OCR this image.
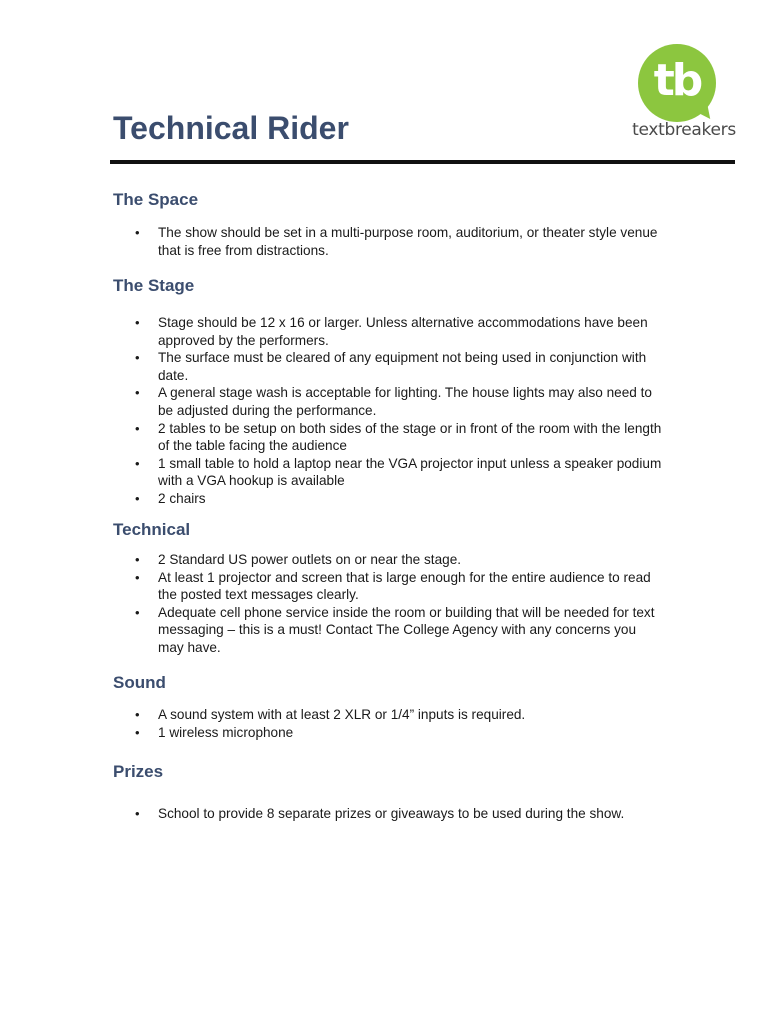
tb
textbreakers
Technical Rider
The Space
• The show should be set in a multi-purpose room, auditorium, or theater style venue that is free from distractions.
The Stage
• Stage should be 12 x 16 or larger. Unless alternative accommodations have been approved by the performers.
• The surface must be cleared of any equipment not being used in conjunction with date.
• A general stage wash is acceptable for lighting. The house lights may also need to be adjusted during the performance.
• 2 tables to be setup on both sides of the stage or in front of the room with the length of the table facing the audience
• 1 small table to hold a laptop near the VGA projector input unless a speaker podium with a VGA hookup is available
• 2 chairs
Technical
• 2 Standard US power outlets on or near the stage.
• At least 1 projector and screen that is large enough for the entire audience to read the posted text messages clearly.
• Adequate cell phone service inside the room or building that will be needed for text messaging – this is a must! Contact The College Agency with any concerns you may have.
Sound
• A sound system with at least 2 XLR or 1/4” inputs is required.
• 1 wireless microphone
Prizes
• School to provide 8 separate prizes or giveaways to be used during the show.
